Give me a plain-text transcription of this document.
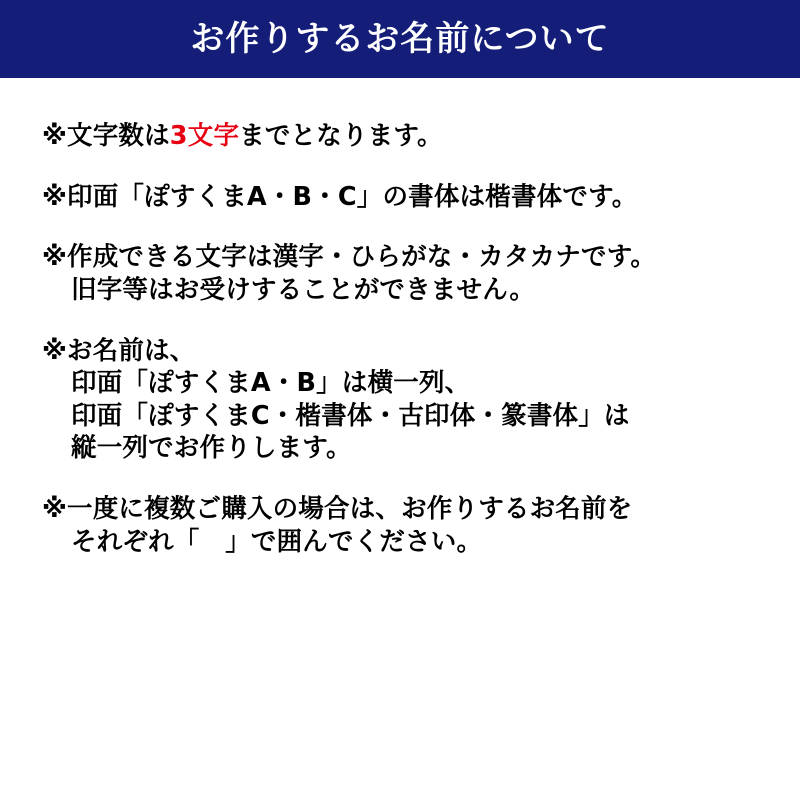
お作りするお名前について
※文字数は3文字までとなります。
※印面「ぽすくまA・B・C」の書体は楷書体です。
※作成できる文字は漢字・ひらがな・カタカナです。
旧字等はお受けすることができません。
※お名前は、
印面「ぽすくまA・B」は横一列、
印面「ぽすくまC・楷書体・古印体・篆書体」は
縦一列でお作りします。
※一度に複数ご購入の場合は、お作りするお名前を
それぞれ「　」で囲んでください。
